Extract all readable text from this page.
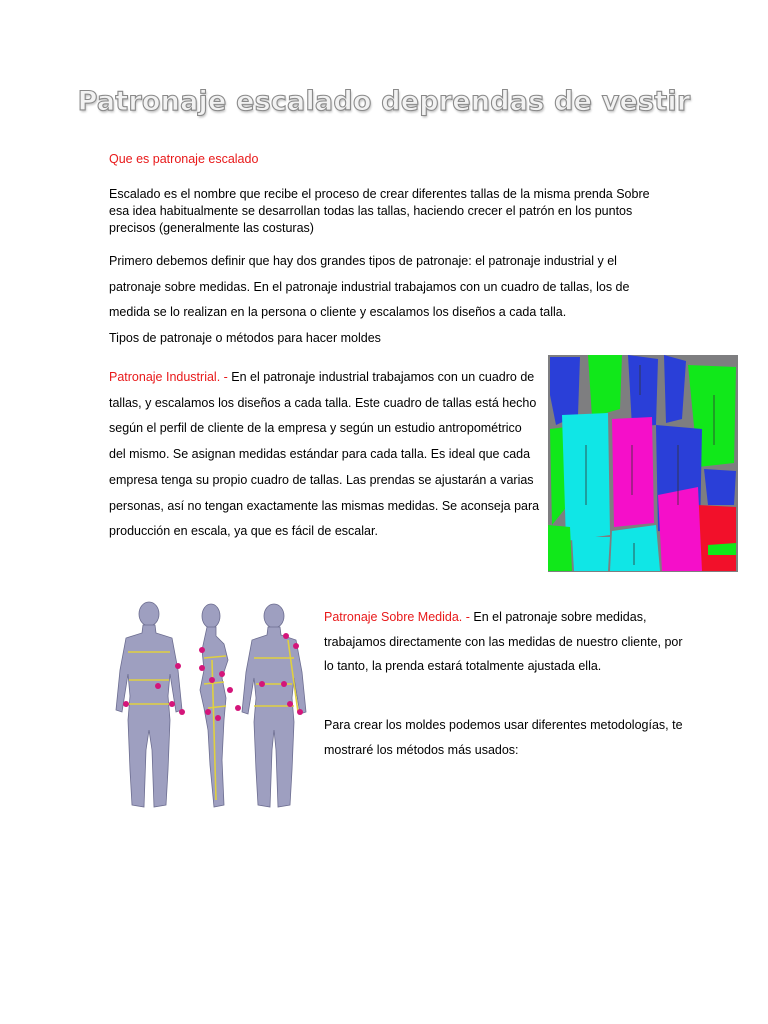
Patronaje escalado deprendas de vestir
Que es patronaje escalado
Escalado es el nombre que recibe el proceso de crear diferentes tallas de la misma prenda Sobre esa idea habitualmente se desarrollan todas las tallas, haciendo crecer el patrón en los puntos precisos (generalmente las costuras)
Primero debemos definir que hay dos grandes tipos de patronaje: el patronaje industrial y el patronaje sobre medidas. En el patronaje industrial trabajamos con un cuadro de tallas, los de medida se lo realizan en la persona o cliente y escalamos los diseños a cada talla.
Tipos de patronaje o métodos para hacer moldes
Patronaje Industrial. - En el patronaje industrial trabajamos con un cuadro de tallas, y escalamos los diseños a cada talla. Este cuadro de tallas está hecho según el perfil de cliente de la empresa y según un estudio antropométrico del mismo. Se asignan medidas estándar para cada talla. Es ideal que cada empresa tenga su propio cuadro de tallas. Las prendas se ajustarán a varias personas, así no tengan exactamente las mismas medidas. Se aconseja para producción en escala, ya que es fácil de escalar.
Patronaje Sobre Medida. - En el patronaje sobre medidas, trabajamos directamente con las medidas de nuestro cliente, por lo tanto, la prenda estará totalmente ajustada ella.
Para crear los moldes podemos usar diferentes metodologías, te mostraré los métodos más usados:
